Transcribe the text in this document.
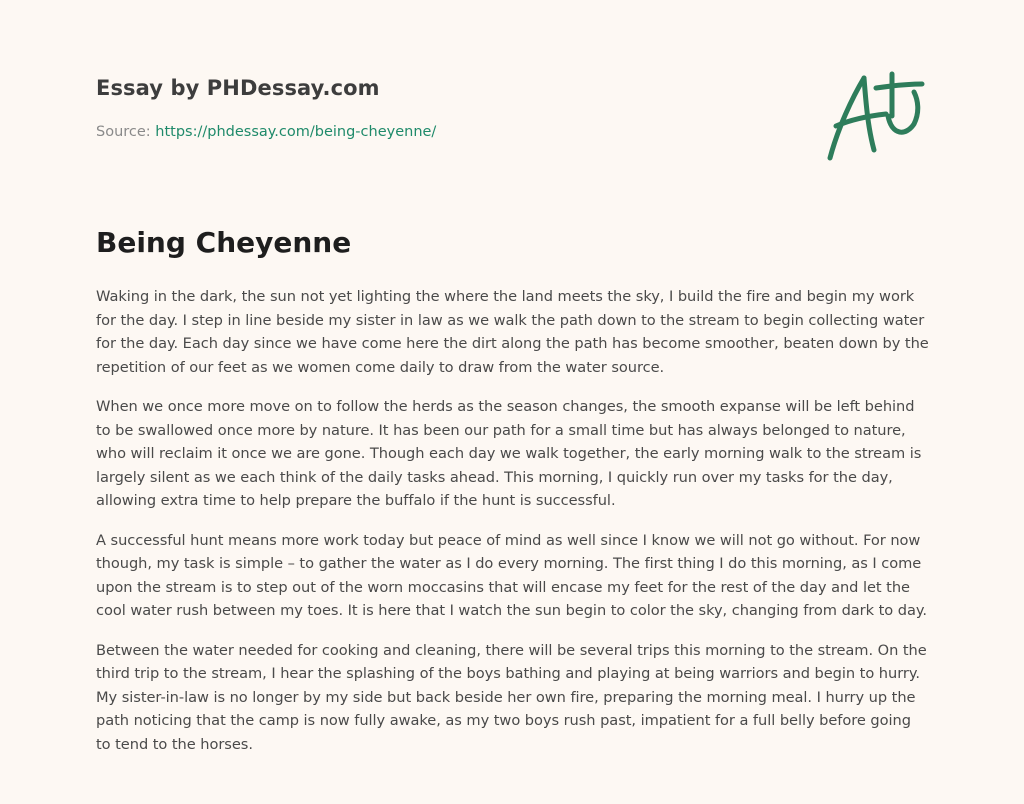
Essay by PHDessay.com

Source: https://phdessay.com/being-cheyenne/

Being Cheyenne

Waking in the dark, the sun not yet lighting the where the land meets the sky, I build the fire and begin my work for the day. I step in line beside my sister in law as we walk the path down to the stream to begin collecting water for the day. Each day since we have come here the dirt along the path has become smoother, beaten down by the repetition of our feet as we women come daily to draw from the water source.

When we once more move on to follow the herds as the season changes, the smooth expanse will be left behind to be swallowed once more by nature. It has been our path for a small time but has always belonged to nature, who will reclaim it once we are gone. Though each day we walk together, the early morning walk to the stream is largely silent as we each think of the daily tasks ahead. This morning, I quickly run over my tasks for the day, allowing extra time to help prepare the buffalo if the hunt is successful.

A successful hunt means more work today but peace of mind as well since I know we will not go without. For now though, my task is simple – to gather the water as I do every morning. The first thing I do this morning, as I come upon the stream is to step out of the worn moccasins that will encase my feet for the rest of the day and let the cool water rush between my toes. It is here that I watch the sun begin to color the sky, changing from dark to day.

Between the water needed for cooking and cleaning, there will be several trips this morning to the stream. On the third trip to the stream, I hear the splashing of the boys bathing and playing at being warriors and begin to hurry. My sister-in-law is no longer by my side but back beside her own fire, preparing the morning meal. I hurry up the path noticing that the camp is now fully awake, as my two boys rush past, impatient for a full belly before going to tend to the horses.
